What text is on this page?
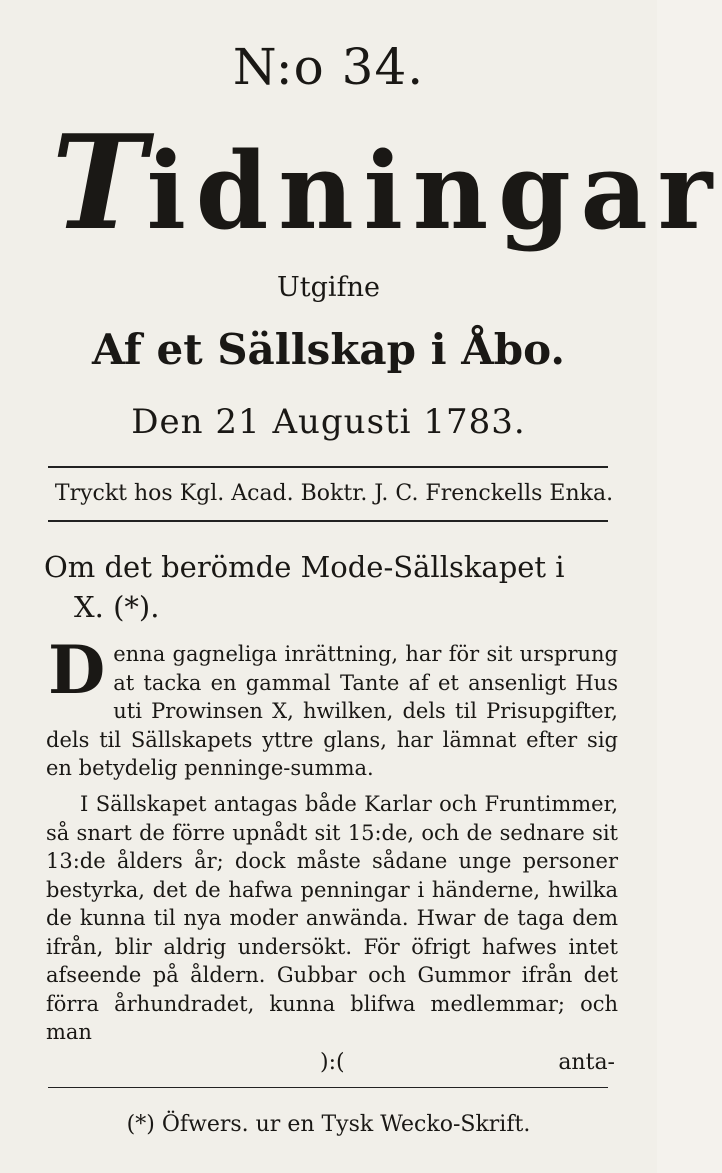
N:o 34.
Tidningar
Utgifne
Af et Sällskap i Åbo.
Den 21 Augusti 1783.
Tryckt hos Kgl. Acad. Boktr. J. C. Frenckells Enka.
Om det berömde Mode-Sällskapet i
X. (*).
Denna gagneliga inrättning, har för sit ursprung at tacka en gammal Tante af et ansenligt Hus uti Prowinsen X, hwilken, dels til Prisupgifter, dels til Sällskapets yttre glans, har lämnat efter sig en betydelig penninge-summa.
I Sällskapet antagas både Karlar och Fruntimmer, så snart de förre upnådt sit 15:de, och de sednare sit 13:de ålders år; dock måste sådane unge personer bestyrka, det de hafwa penningar i händerne, hwilka de kunna til nya moder anwända. Hwar de taga dem ifrån, blir aldrig undersökt. För öfrigt hafwes intet afseende på åldern. Gubbar och Gummor ifrån det förra århundradet, kunna blifwa medlemmar; och man
):(	anta-
(*) Öfwers. ur en Tysk Wecko-Skrift.
